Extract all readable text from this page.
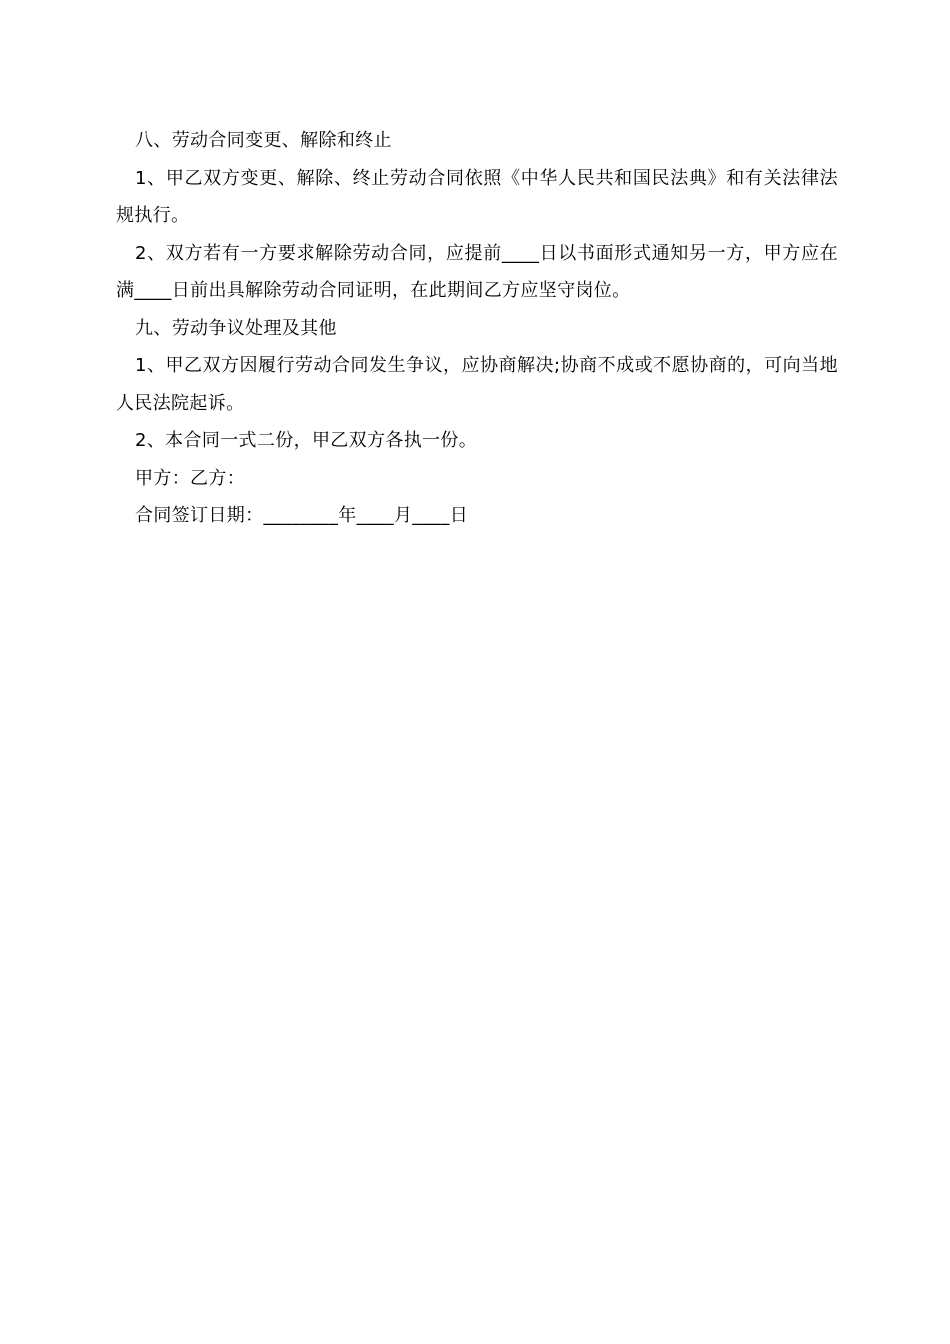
八、劳动合同变更、解除和终止

1、甲乙双方变更、解除、终止劳动合同依照《中华人民共和国民法典》和有关法律法规执行。

2、双方若有一方要求解除劳动合同，应提前____日以书面形式通知另一方，甲方应在满____日前出具解除劳动合同证明，在此期间乙方应坚守岗位。

九、劳动争议处理及其他

1、甲乙双方因履行劳动合同发生争议，应协商解决;协商不成或不愿协商的，可向当地人民法院起诉。

2、本合同一式二份，甲乙双方各执一份。

甲方：乙方：

合同签订日期：________年____月____日
